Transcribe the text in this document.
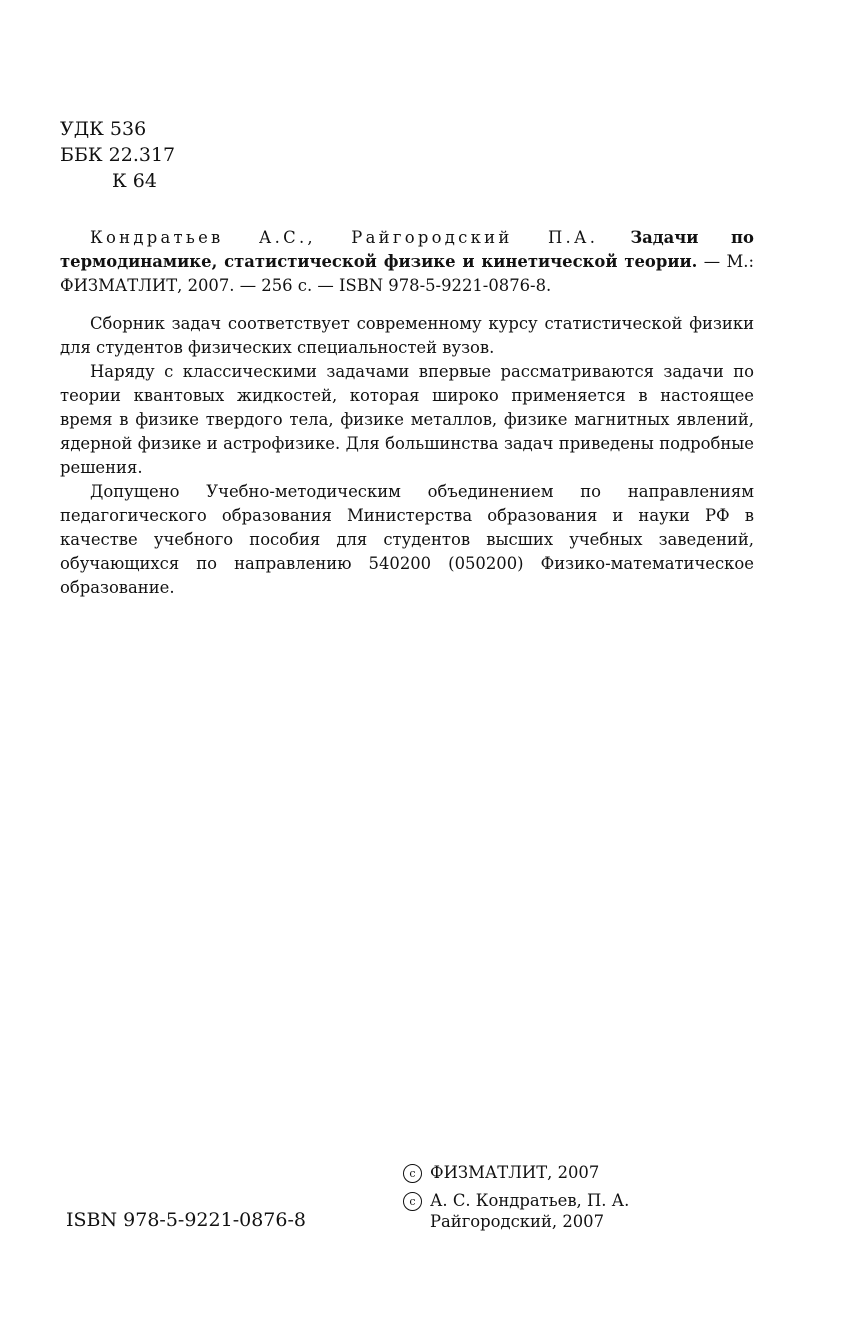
УДК 536
ББК 22.317
К 64

Кондратьев А.С., Райгородский П.А. Задачи по термодинамике, статистической физике и кинетической теории. — М.: ФИЗМАТЛИТ, 2007. — 256 с. — ISBN 978-5-9221-0876-8.

Сборник задач соответствует современному курсу статистической физики для студентов физических специальностей вузов.

Наряду с классическими задачами впервые рассматриваются задачи по теории квантовых жидкостей, которая широко применяется в настоящее время в физике твердого тела, физике металлов, физике магнитных явлений, ядерной физике и астрофизике. Для большинства задач приведены подробные решения.

Допущено Учебно-методическим объединением по направлениям педагогического образования Министерства образования и науки РФ в качестве учебного пособия для студентов высших учебных заведений, обучающихся по направлению 540200 (050200) Физико-математическое образование.

ISBN 978-5-9221-0876-8
c ФИЗМАТЛИТ, 2007
c А. С. Кондратьев, П. А. Райгородский, 2007
